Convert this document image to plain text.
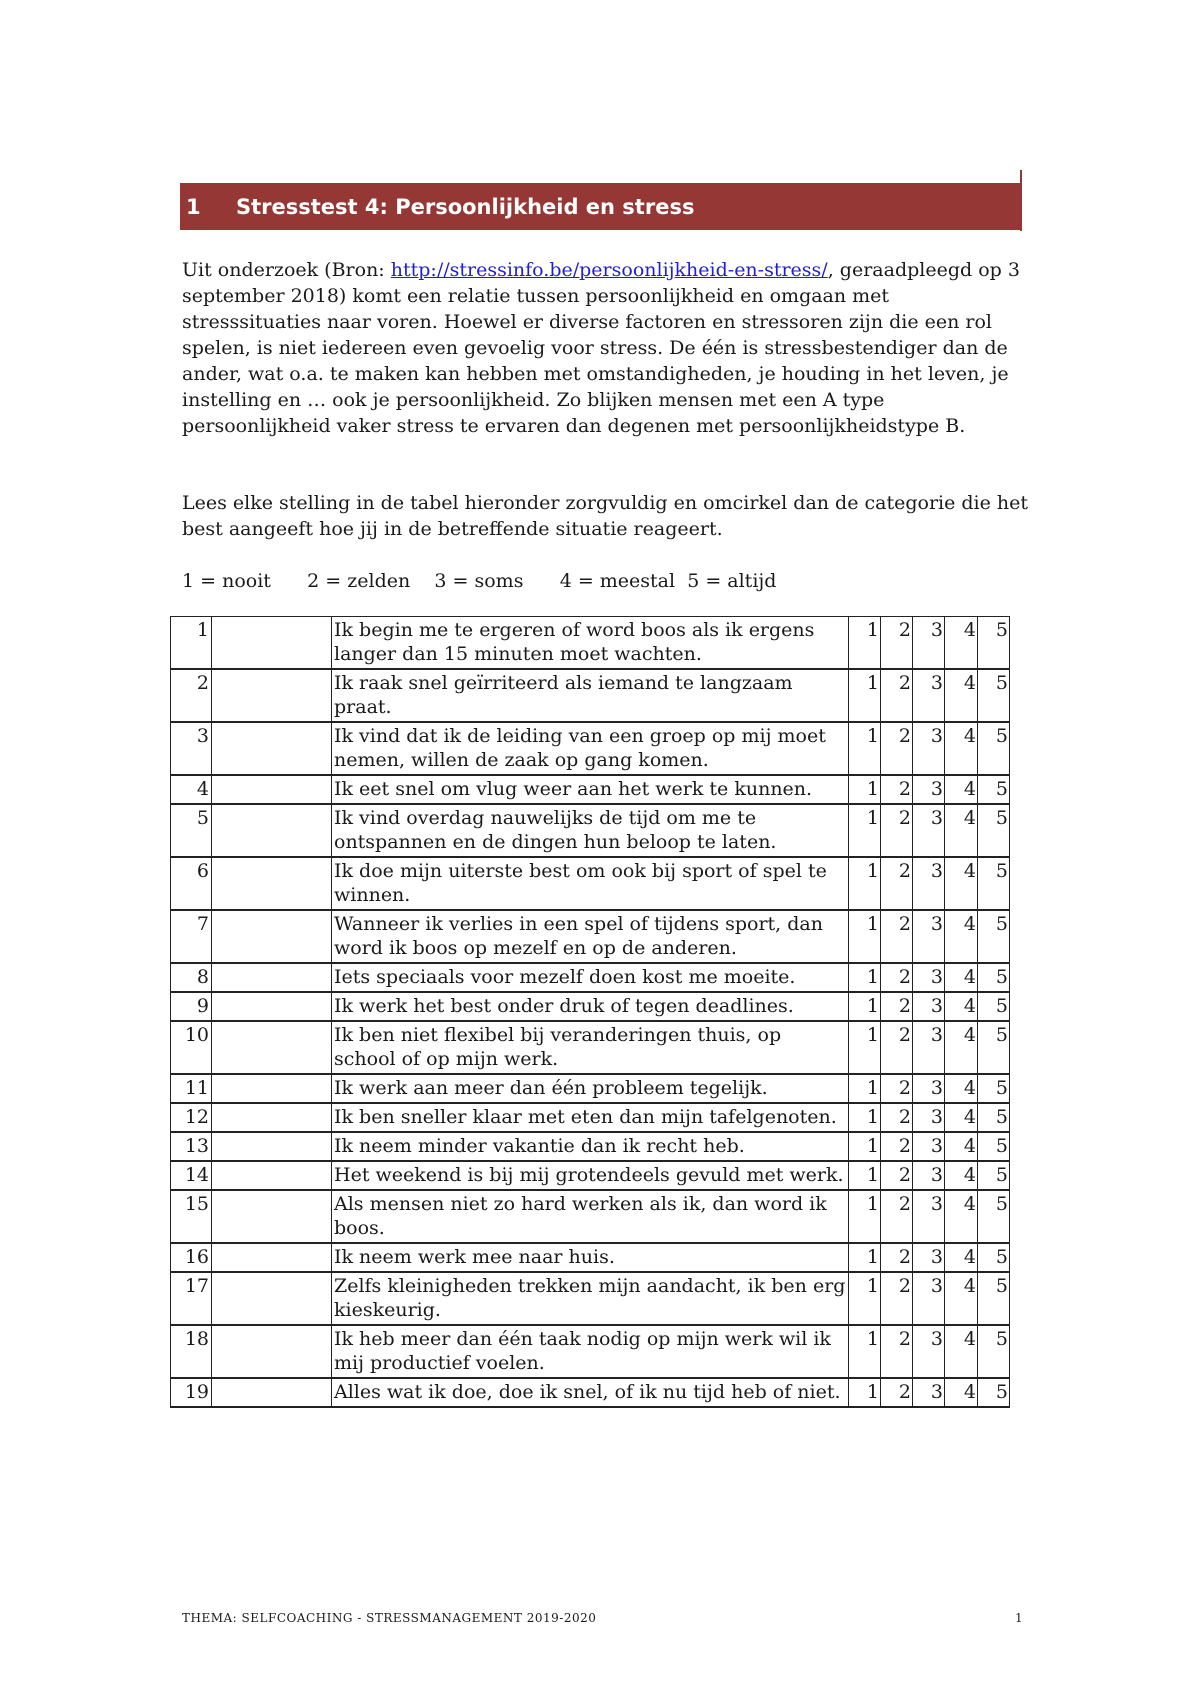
1	Stresstest 4: Persoonlijkheid en stress

Uit onderzoek (Bron: http://stressinfo.be/persoonlijkheid-en-stress/, geraadpleegd op 3 september 2018) komt een relatie tussen persoonlijkheid en omgaan met stresssituaties naar voren. Hoewel er diverse factoren en stressoren zijn die een rol spelen, is niet iedereen even gevoelig voor stress. De één is stressbestendiger dan de ander, wat o.a. te maken kan hebben met omstandigheden, je houding in het leven, je instelling en … ook je persoonlijkheid. Zo blijken mensen met een A type persoonlijkheid vaker stress te ervaren dan degenen met persoonlijkheidstype B.

Lees elke stelling in de tabel hieronder zorgvuldig en omcirkel dan de categorie die het best aangeeft hoe jij in de betreffende situatie reageert.

1 = nooit 2 = zelden 3 = soms 4 = meestal 5 = altijd
1		Ik begin me te ergeren of word boos als ik ergens langer dan 15 minuten moet wachten.	1	2	3	4	5
2		Ik raak snel geïrriteerd als iemand te langzaam praat.	1	2	3	4	5
3		Ik vind dat ik de leiding van een groep op mij moet nemen, willen de zaak op gang komen.	1	2	3	4	5
4		Ik eet snel om vlug weer aan het werk te kunnen.	1	2	3	4	5
5		Ik vind overdag nauwelijks de tijd om me te ontspannen en de dingen hun beloop te laten.	1	2	3	4	5
6		Ik doe mijn uiterste best om ook bij sport of spel te winnen.	1	2	3	4	5
7		Wanneer ik verlies in een spel of tijdens sport, dan word ik boos op mezelf en op de anderen.	1	2	3	4	5
8		Iets speciaals voor mezelf doen kost me moeite.	1	2	3	4	5
9		Ik werk het best onder druk of tegen deadlines.	1	2	3	4	5
10		Ik ben niet flexibel bij veranderingen thuis, op school of op mijn werk.	1	2	3	4	5
11		Ik werk aan meer dan één probleem tegelijk.	1	2	3	4	5
12		Ik ben sneller klaar met eten dan mijn tafelgenoten.	1	2	3	4	5
13		Ik neem minder vakantie dan ik recht heb.	1	2	3	4	5
14		Het weekend is bij mij grotendeels gevuld met werk.	1	2	3	4	5
15		Als mensen niet zo hard werken als ik, dan word ik boos.	1	2	3	4	5
16		Ik neem werk mee naar huis.	1	2	3	4	5
17		Zelfs kleinigheden trekken mijn aandacht, ik ben erg kieskeurig.	1	2	3	4	5
18		Ik heb meer dan één taak nodig op mijn werk wil ik mij productief voelen.	1	2	3	4	5
19		Alles wat ik doe, doe ik snel, of ik nu tijd heb of niet.	1	2	3	4	5
THEMA: SELFCOACHING - STRESSMANAGEMENT 2019-2020	1
